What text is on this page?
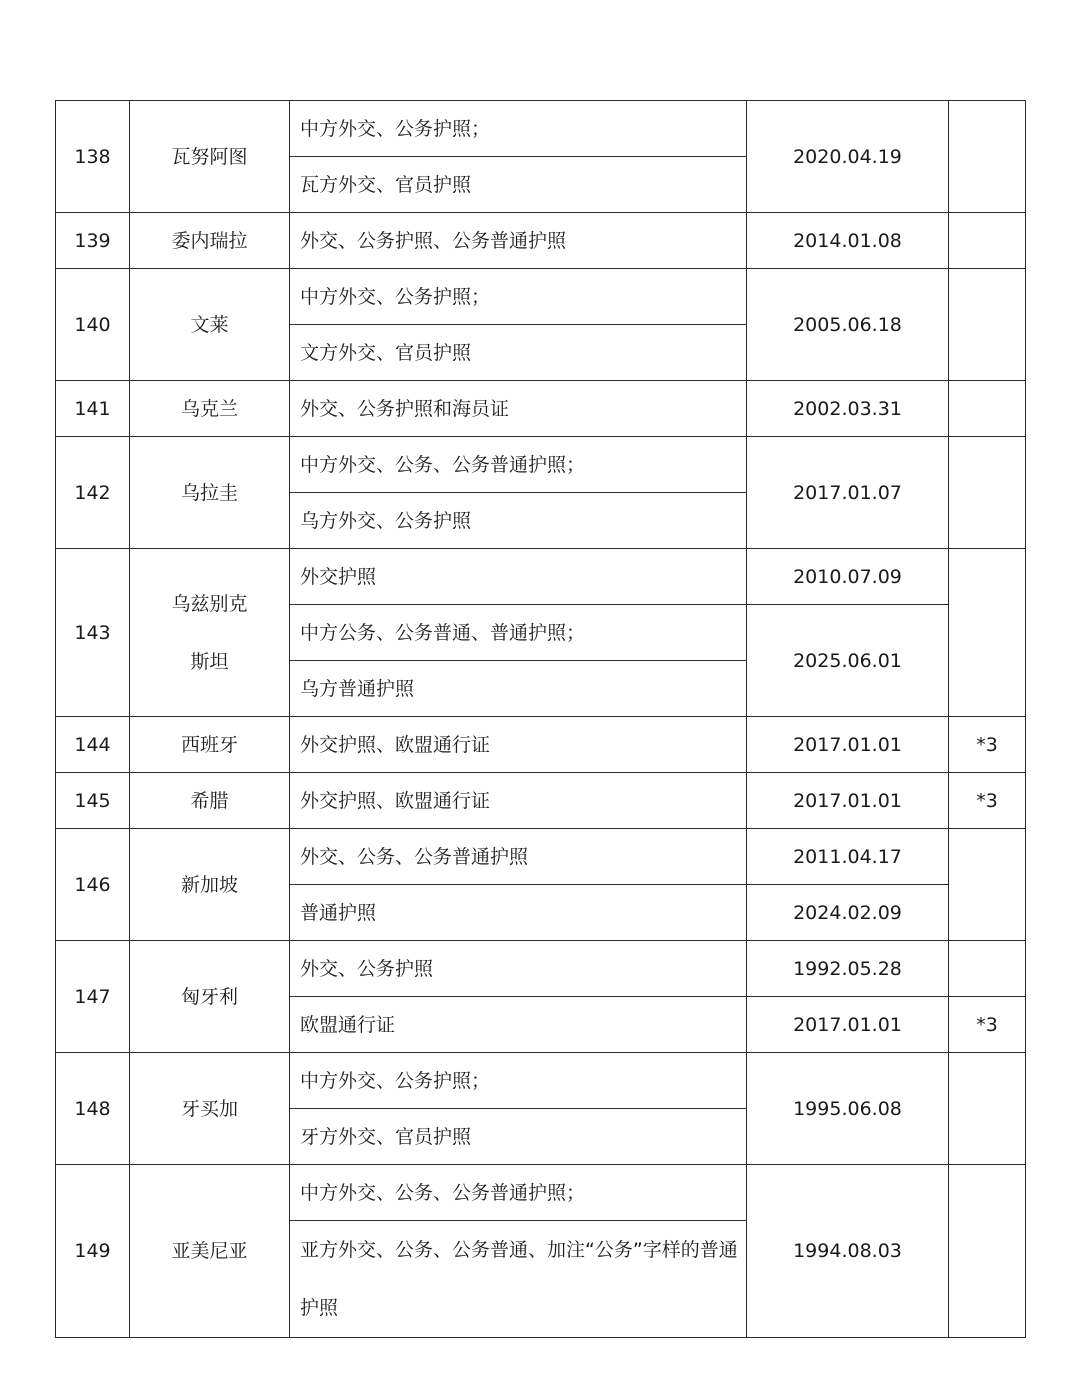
138	瓦努阿图	中方外交、公务护照；	2020.04.19	
		瓦方外交、官员护照		
139	委内瑞拉	外交、公务护照、公务普通护照	2014.01.08	
140	文莱	中方外交、公务护照；	2005.06.18	
		文方外交、官员护照		
141	乌克兰	外交、公务护照和海员证	2002.03.31	
142	乌拉圭	中方外交、公务、公务普通护照；	2017.01.07	
		乌方外交、公务护照		
143	乌兹别克斯坦	外交护照	2010.07.09	
		中方公务、公务普通、普通护照；	2025.06.01	
		乌方普通护照		
144	西班牙	外交护照、欧盟通行证	2017.01.01	*3
145	希腊	外交护照、欧盟通行证	2017.01.01	*3
146	新加坡	外交、公务、公务普通护照	2011.04.17	
		普通护照	2024.02.09	
147	匈牙利	外交、公务护照	1992.05.28	
		欧盟通行证	2017.01.01	*3
148	牙买加	中方外交、公务护照；	1995.06.08	
		牙方外交、官员护照		
149	亚美尼亚	中方外交、公务、公务普通护照；	1994.08.03	
		亚方外交、公务、公务普通、加注“公务”字样的普通护照		
